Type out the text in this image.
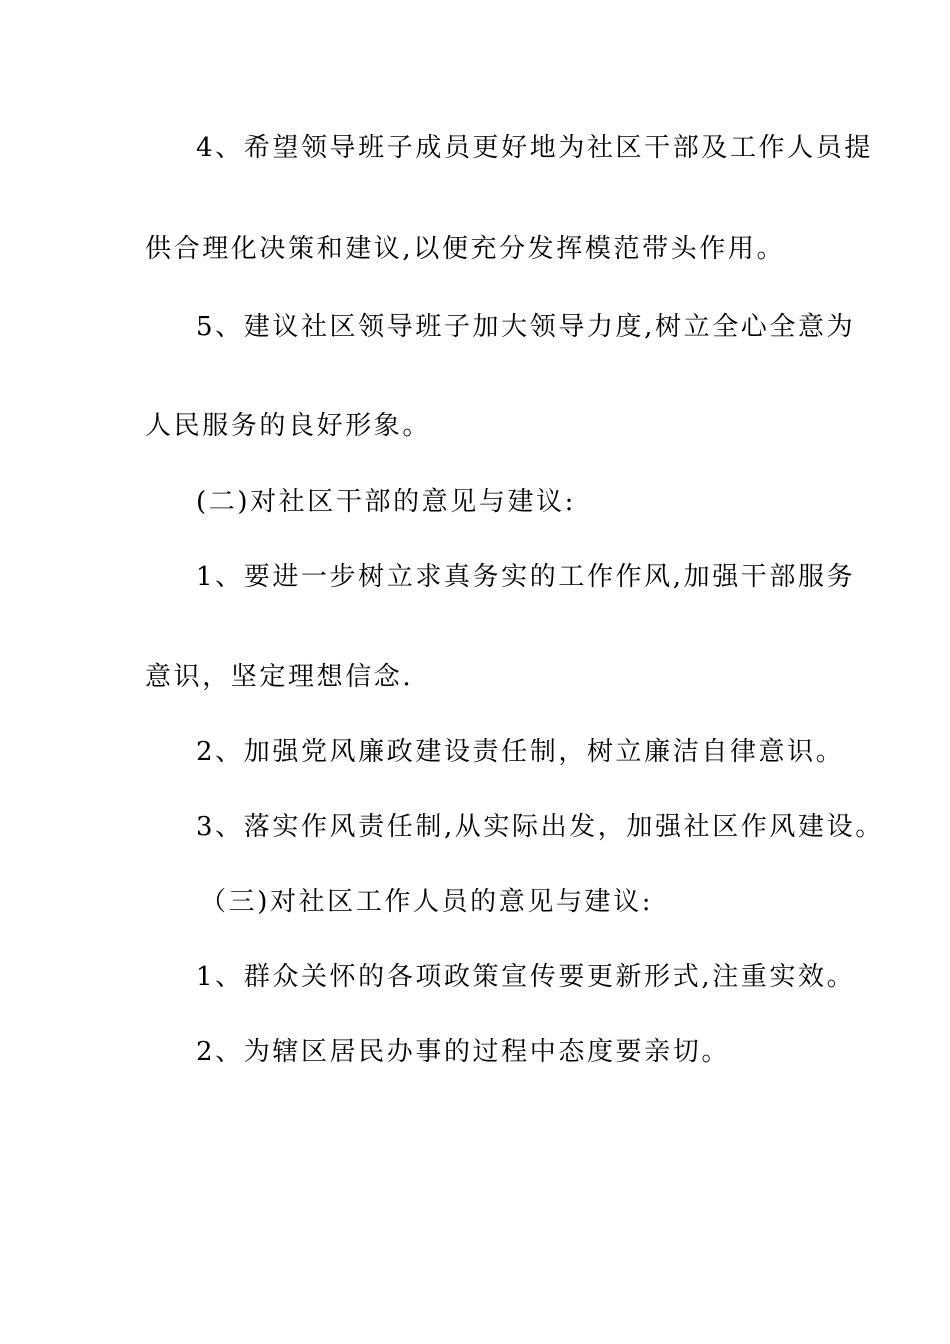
4、希望领导班子成员更好地为社区干部及工作人员提
供合理化决策和建议,以便充分发挥模范带头作用。
5、建议社区领导班子加大领导力度,树立全心全意为
人民服务的良好形象。
(二)对社区干部的意见与建议:
1、要进一步树立求真务实的工作作风,加强干部服务
意识，坚定理想信念.
2、加强党风廉政建设责任制，树立廉洁自律意识。
3、落实作风责任制,从实际出发，加强社区作风建设。
（三)对社区工作人员的意见与建议:
1、群众关怀的各项政策宣传要更新形式,注重实效。
2、为辖区居民办事的过程中态度要亲切。
